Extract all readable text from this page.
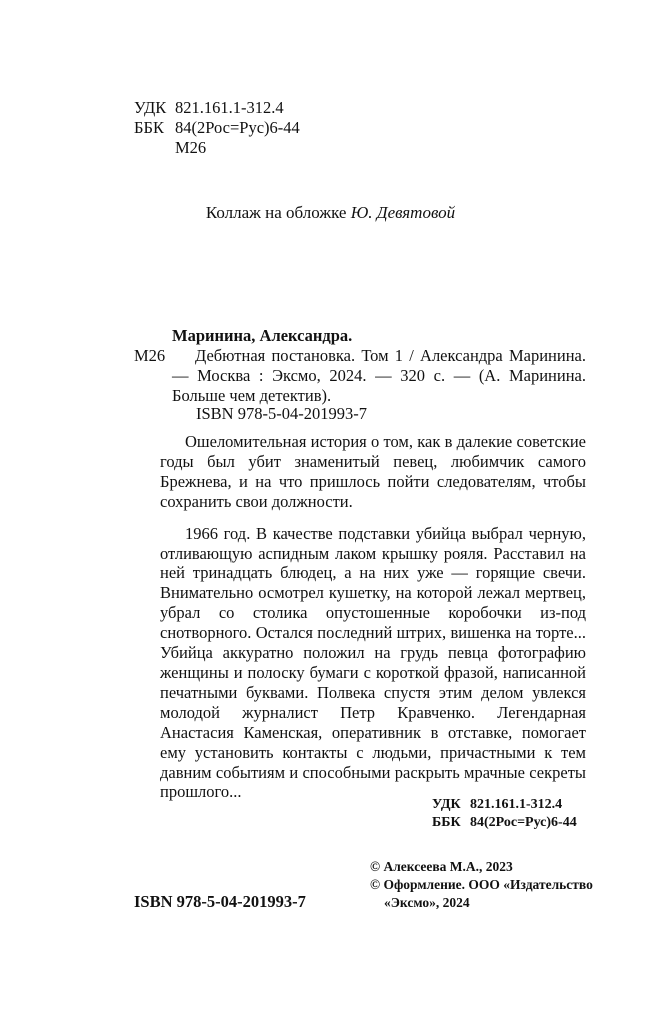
УДК 821.161.1-312.4
ББК 84(2Рос=Рус)6-44
М26
Коллаж на обложке Ю. Девятовой
Маринина, Александра.
М26	Дебютная постановка. Том 1 / Александра Маринина. — Москва : Эксмо, 2024. — 320 с. — (А. Маринина. Больше чем детектив).
ISBN 978-5-04-201993-7

Ошеломительная история о том, как в далекие советские годы был убит знаменитый певец, любимчик самого Брежнева, и на что пришлось пойти следователям, чтобы сохранить свои должности.

1966 год. В качестве подставки убийца выбрал черную, отливающую аспидным лаком крышку рояля. Расставил на ней тринадцать блюдец, а на них уже — горящие свечи. Внимательно осмотрел кушетку, на которой лежал мертвец, убрал со столика опустошенные коробочки из-под снотворного. Остался последний штрих, вишенка на торте... Убийца аккуратно положил на грудь певца фотографию женщины и полоску бумаги с короткой фразой, написанной печатными буквами. Полвека спустя этим делом увлекся молодой журналист Петр Кравченко. Легендарная Анастасия Каменская, оперативник в отставке, помогает ему установить контакты с людьми, причастными к тем давним событиям и способными раскрыть мрачные секреты прошлого...

УДК 821.161.1-312.4
ББК 84(2Рос=Рус)6-44
ISBN 978-5-04-201993-7
© Алексеева М.А., 2023
© Оформление. ООО «Издательство
«Эксмо», 2024
